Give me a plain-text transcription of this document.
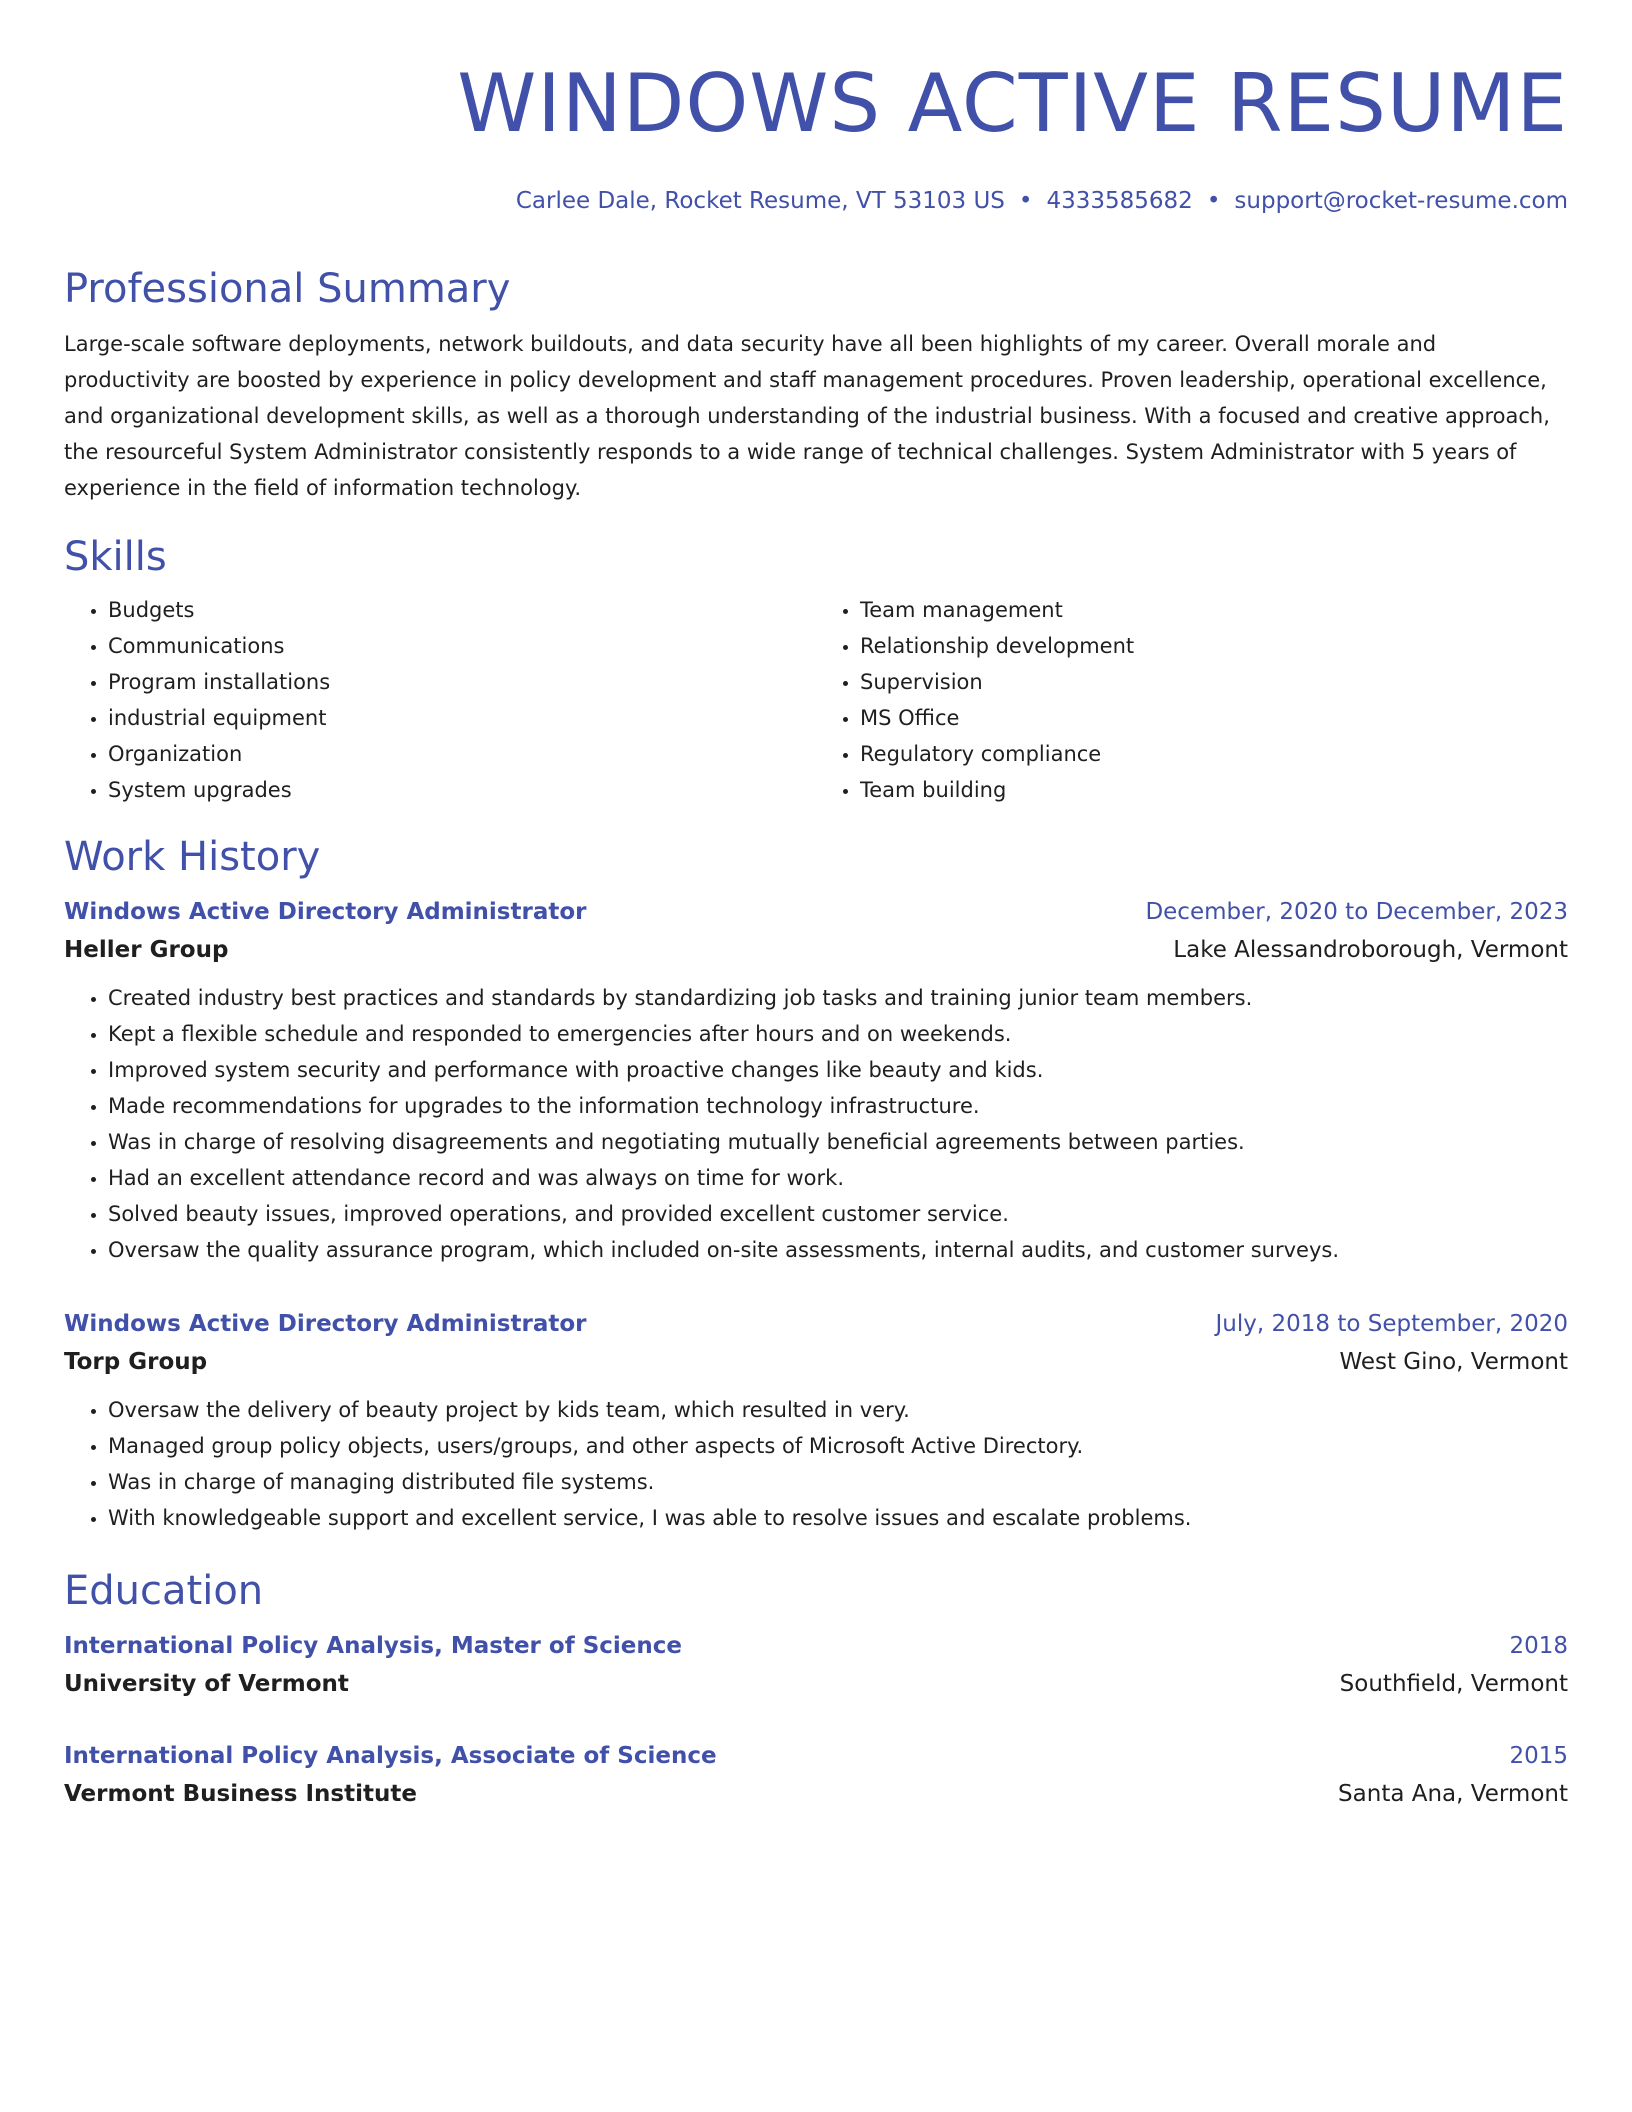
WINDOWS ACTIVE RESUME
Carlee Dale, Rocket Resume, VT 53103 US • 4333585682 • support@rocket-resume.com
Professional Summary
Large-scale software deployments, network buildouts, and data security have all been highlights of my career. Overall morale and productivity are boosted by experience in policy development and staff management procedures. Proven leadership, operational excellence, and organizational development skills, as well as a thorough understanding of the industrial business. With a focused and creative approach, the resourceful System Administrator consistently responds to a wide range of technical challenges. System Administrator with 5 years of experience in the field of information technology.
Skills
• Budgets
• Communications
• Program installations
• industrial equipment
• Organization
• System upgrades
• Team management
• Relationship development
• Supervision
• MS Office
• Regulatory compliance
• Team building
Work History
Windows Active Directory Administrator	December, 2020 to December, 2023
Heller Group	Lake Alessandroborough, Vermont
• Created industry best practices and standards by standardizing job tasks and training junior team members.
• Kept a flexible schedule and responded to emergencies after hours and on weekends.
• Improved system security and performance with proactive changes like beauty and kids.
• Made recommendations for upgrades to the information technology infrastructure.
• Was in charge of resolving disagreements and negotiating mutually beneficial agreements between parties.
• Had an excellent attendance record and was always on time for work.
• Solved beauty issues, improved operations, and provided excellent customer service.
• Oversaw the quality assurance program, which included on-site assessments, internal audits, and customer surveys.
Windows Active Directory Administrator	July, 2018 to September, 2020
Torp Group	West Gino, Vermont
• Oversaw the delivery of beauty project by kids team, which resulted in very.
• Managed group policy objects, users/groups, and other aspects of Microsoft Active Directory.
• Was in charge of managing distributed file systems.
• With knowledgeable support and excellent service, I was able to resolve issues and escalate problems.
Education
International Policy Analysis, Master of Science	2018
University of Vermont	Southfield, Vermont
International Policy Analysis, Associate of Science	2015
Vermont Business Institute	Santa Ana, Vermont
